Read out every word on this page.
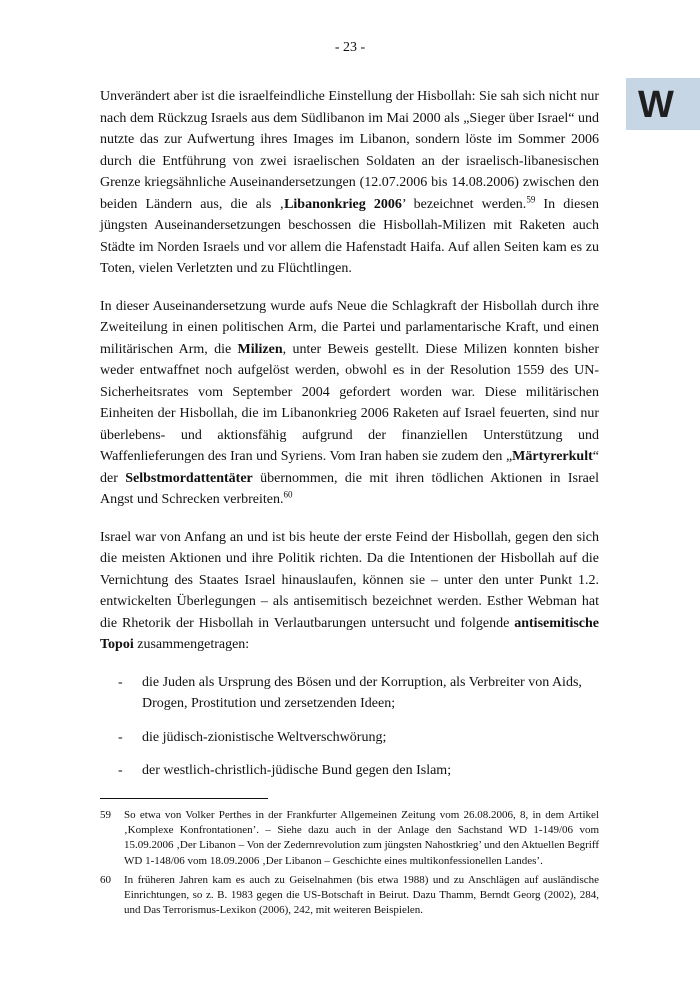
- 23 -
W

Unverändert aber ist die israelfeindliche Einstellung der Hisbollah: Sie sah sich nicht nur nach dem Rückzug Israels aus dem Südlibanon im Mai 2000 als „Sieger über Israel“ und nutzte das zur Aufwertung ihres Images im Libanon, sondern löste im Sommer 2006 durch die Entführung von zwei israelischen Soldaten an der israelisch-libanesischen Grenze kriegsähnliche Auseinandersetzungen (12.07.2006 bis 14.08.2006) zwischen den beiden Ländern aus, die als ‚Libanonkrieg 2006’ bezeichnet werden.$^{59}$ In diesen jüngsten Auseinandersetzungen beschossen die Hisbollah-Milizen mit Raketen auch Städte im Norden Israels und vor allem die Hafenstadt Haifa. Auf allen Seiten kam es zu Toten, vielen Verletzten und zu Flüchtlingen.

In dieser Auseinandersetzung wurde aufs Neue die Schlagkraft der Hisbollah durch ihre Zweiteilung in einen politischen Arm, die Partei und parlamentarische Kraft, und einen militärischen Arm, die Milizen, unter Beweis gestellt. Diese Milizen konnten bisher weder entwaffnet noch aufgelöst werden, obwohl es in der Resolution 1559 des UN-Sicherheitsrates vom September 2004 gefordert worden war. Diese militärischen Einheiten der Hisbollah, die im Libanonkrieg 2006 Raketen auf Israel feuerten, sind nur überlebens- und aktionsfähig aufgrund der finanziellen Unterstützung und Waffenlieferungen des Iran und Syriens. Vom Iran haben sie zudem den „Märtyrerkult“ der Selbstmordattentäter übernommen, die mit ihren tödlichen Aktionen in Israel Angst und Schrecken verbreiten.$^{60}$

Israel war von Anfang an und ist bis heute der erste Feind der Hisbollah, gegen den sich die meisten Aktionen und ihre Politik richten. Da die Intentionen der Hisbollah auf die Vernichtung des Staates Israel hinauslaufen, können sie – unter den unter Punkt 1.2. entwickelten Überlegungen – als antisemitisch bezeichnet werden. Esther Webman hat die Rhetorik der Hisbollah in Verlautbarungen untersucht und folgende antisemitische Topoi zusammengetragen:

-	die Juden als Ursprung des Bösen und der Korruption, als Verbreiter von Aids, Drogen, Prostitution und zersetzenden Ideen;
-	die jüdisch-zionistische Weltverschwörung;
-	der westlich-christlich-jüdische Bund gegen den Islam;
59	So etwa von Volker Perthes in der Frankfurter Allgemeinen Zeitung vom 26.08.2006, 8, in dem Artikel ‚Komplexe Konfrontationen’. – Siehe dazu auch in der Anlage den Sachstand WD 1-149/06 vom 15.09.2006 ‚Der Libanon – Von der Zedernrevolution zum jüngsten Nahostkrieg’ und den Aktuellen Begriff WD 1-148/06 vom 18.09.2006 ‚Der Libanon – Geschichte eines multikonfessionellen Landes’.
60	In früheren Jahren kam es auch zu Geiselnahmen (bis etwa 1988) und zu Anschlägen auf ausländische Einrichtungen, so z. B. 1983 gegen die US-Botschaft in Beirut. Dazu Thamm, Berndt Georg (2002), 284, und Das Terrorismus-Lexikon (2006), 242, mit weiteren Beispielen.
